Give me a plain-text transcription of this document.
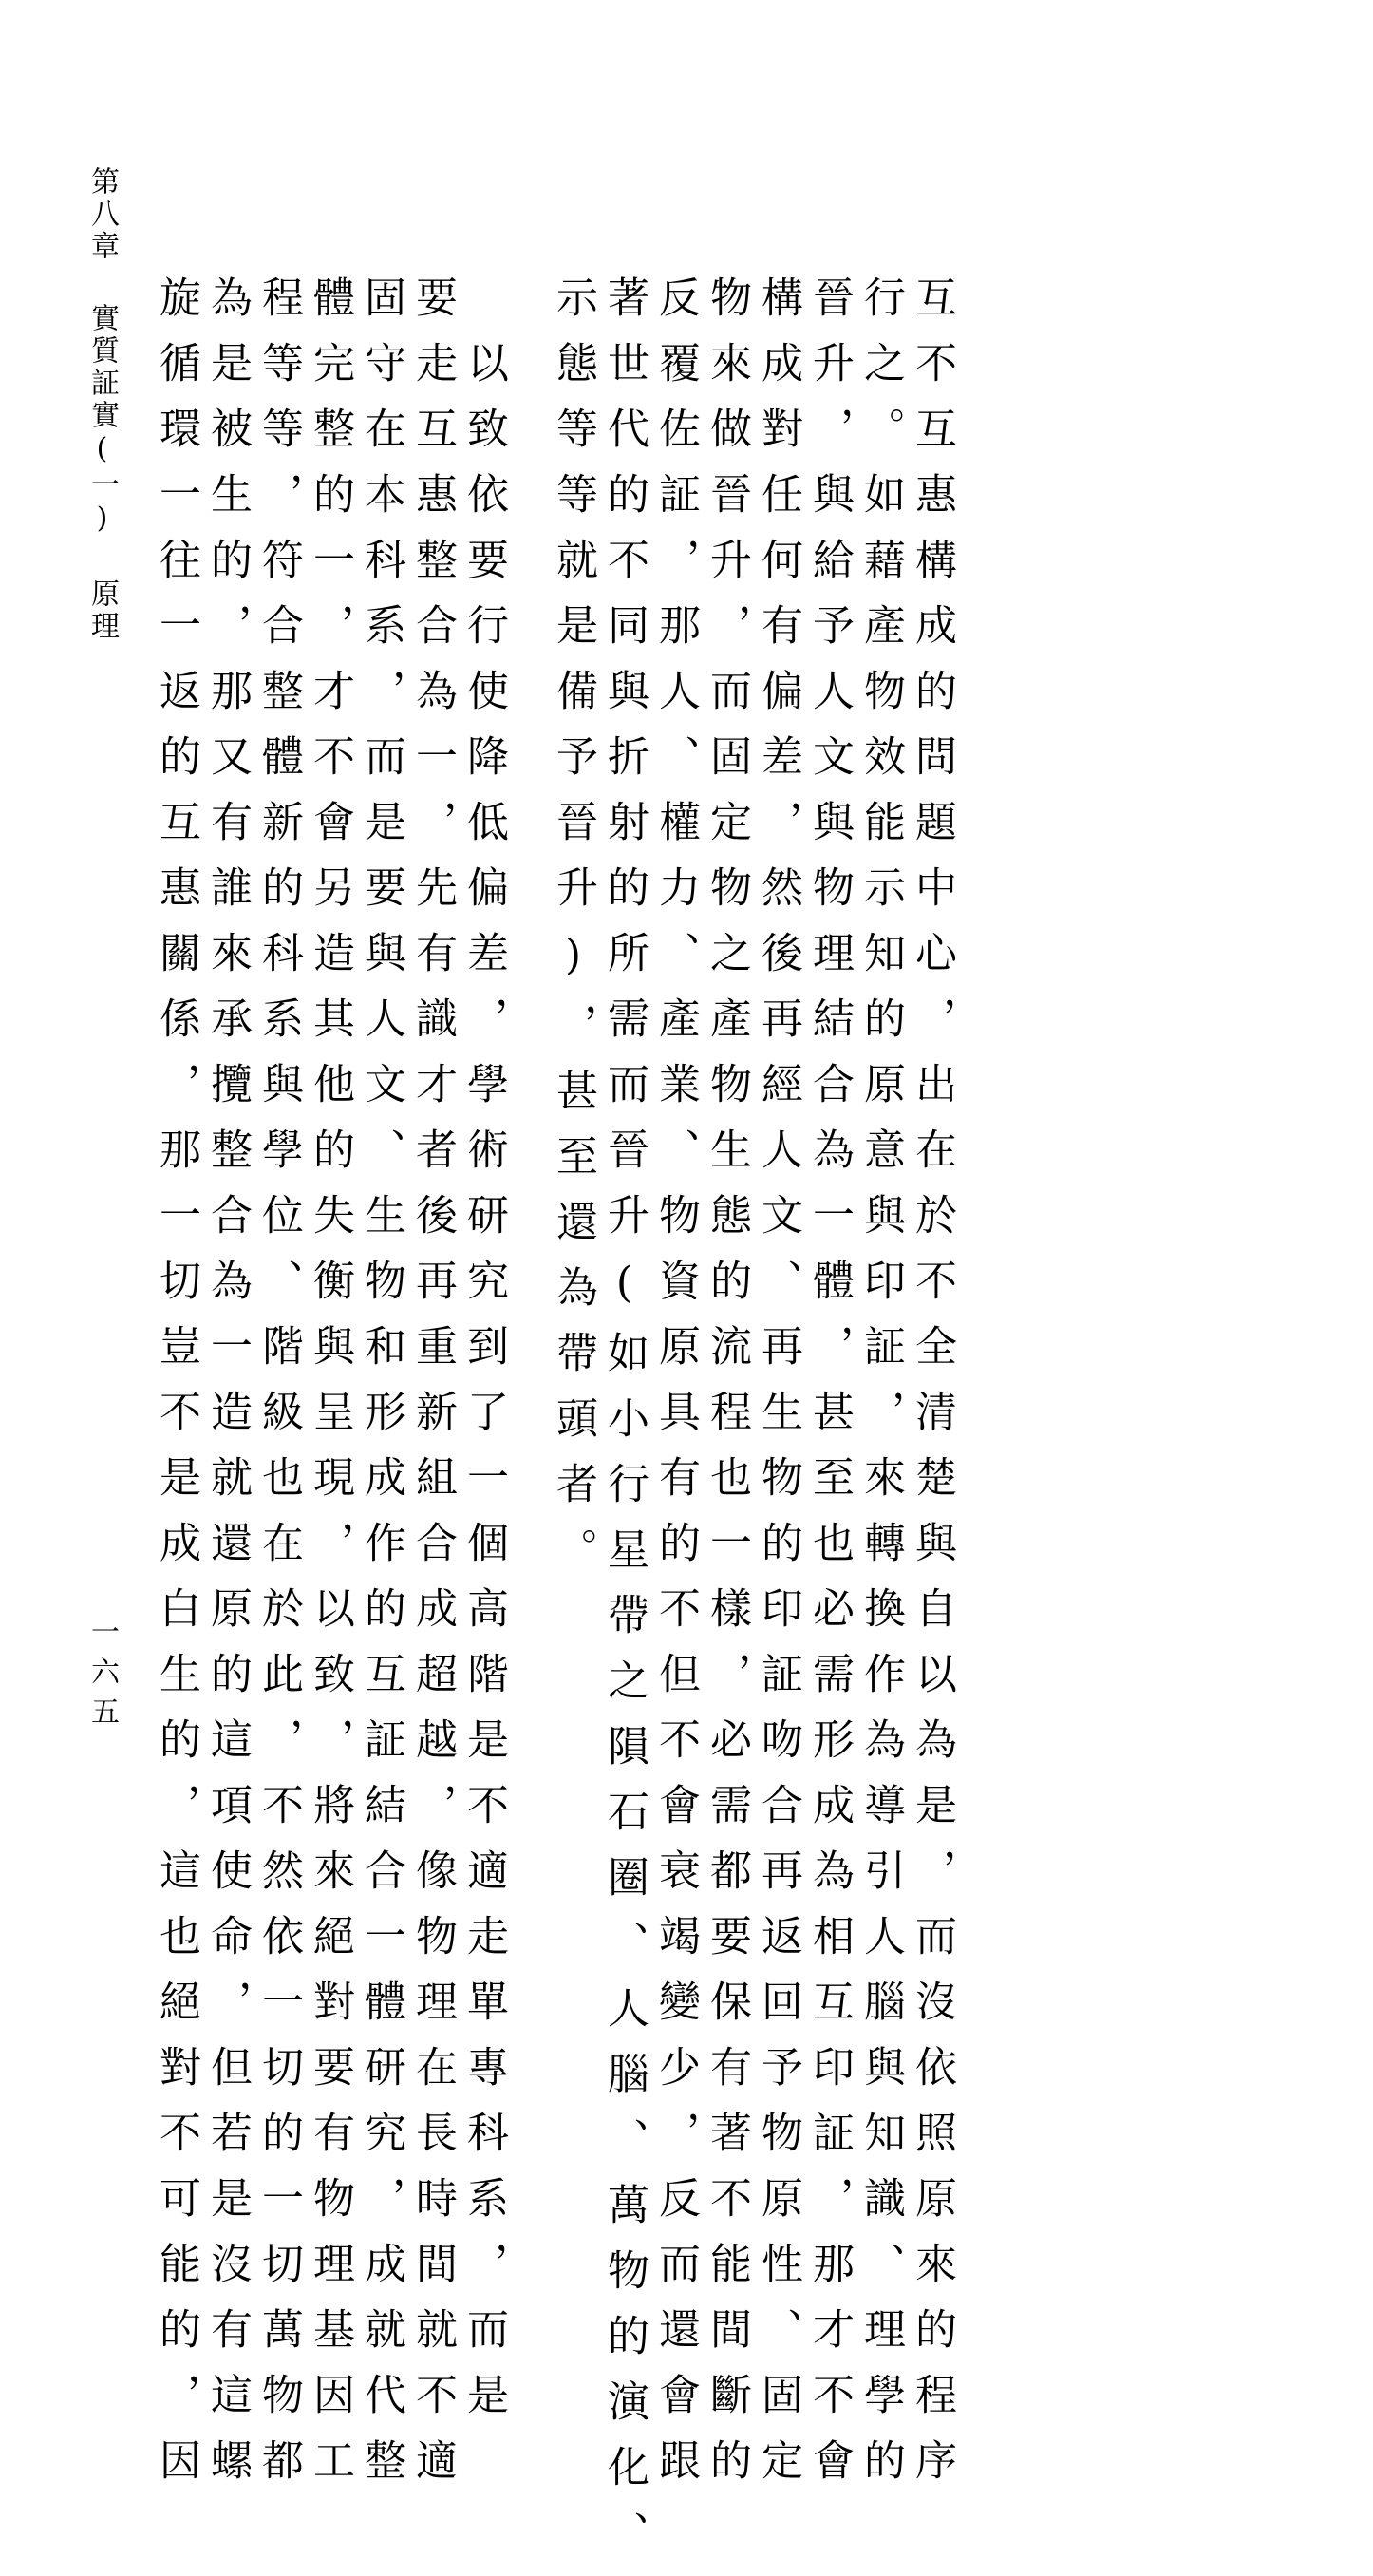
第八章實質証實(一)原理
一六五	互不互惠構成的問題中心，出在於不全清楚與自以為是，而沒依照原來的程序
行之。如藉產物效能示知的原意與印証，來轉換作為導引人腦與知識、理學的
晉升，與給予人文與物理結合為一體，甚至也必需形成為相互印証，那才不會
構成對任何有偏差，然後再經人文、再生物的印証吻合再返回予物原性、固定
物來做晉升，而固定物之產物生態的流程也一樣，必需都要保有著不能間斷的
反覆佐証，那人、權力、產業、物資原具有的不但不會衰竭變少，反而還會跟
著世代的不同與折射的所需而晉升(如小行星帶之隕石圈、人腦、萬物的演化、
示態等等就是備予晉升)，甚至還為帶頭者。
以致依要行使降低偏差，學術研究到了一個高階是不適走單專科系，而是
要走互惠整合為一，先有識才者後再重新組合成超越，像物理在長時間就不適
固守在本科系，而是要與人文、生物和形成作的互証結合一體研究，成就代整
體完整的一，才不會另造其他的失衡與呈現，以致，將來絕對要有物理基因工
程等等，符合整體新的科系與學位、階級也在於此，不然依一切的一切萬物都
為是被生的，那又有誰來承攬整合為一造就還原的這項使命，但若是沒有這螺
旋循環一往一返的互惠關係，那一切豈不是成白生的，這也絕對不可能的，因
